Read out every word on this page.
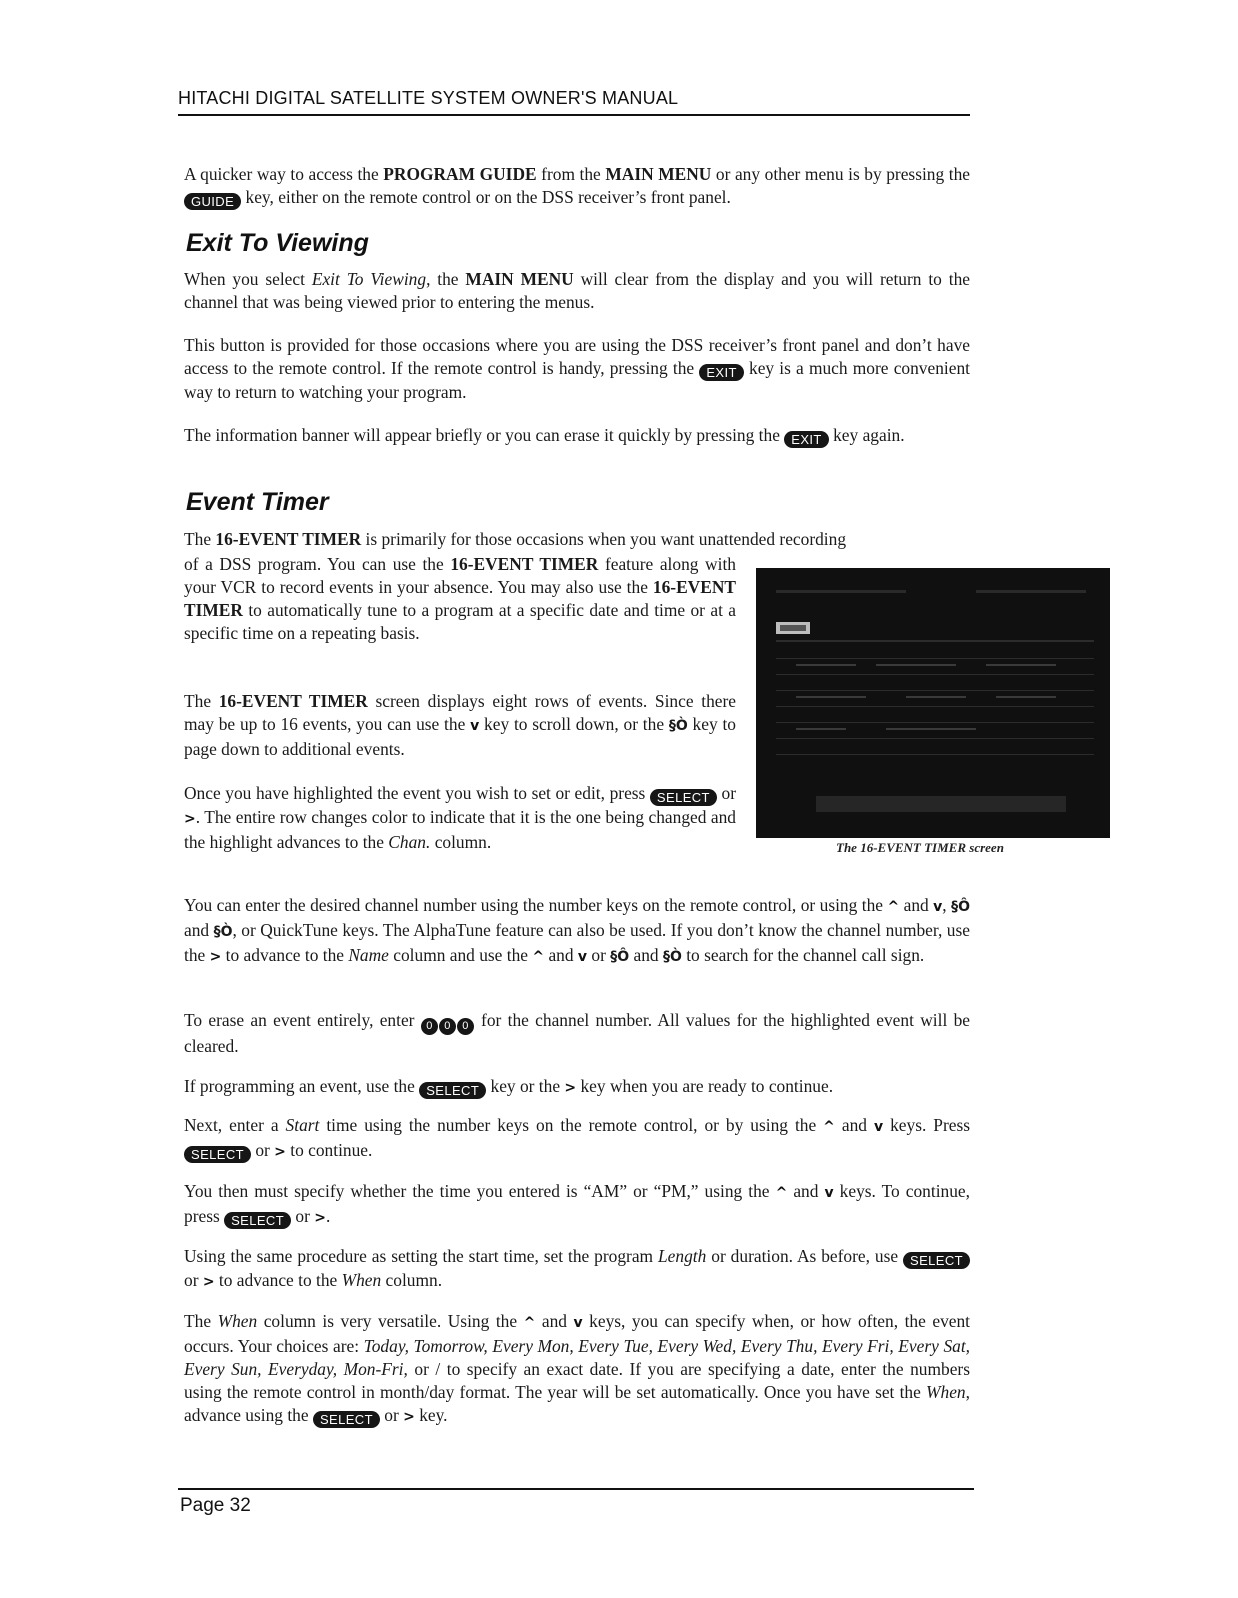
HITACHI DIGITAL SATELLITE SYSTEM OWNER'S MANUAL

A quicker way to access the PROGRAM GUIDE from the MAIN MENU or any other menu is by pressing the GUIDE key, either on the remote control or on the DSS receiver’s front panel.

Exit To Viewing

When you select Exit To Viewing, the MAIN MENU will clear from the display and you will return to the channel that was being viewed prior to entering the menus.

This button is provided for those occasions where you are using the DSS receiver’s front panel and don’t have access to the remote control. If the remote control is handy, pressing the EXIT key is a much more convenient way to return to watching your program.

The information banner will appear briefly or you can erase it quickly by pressing the EXIT key again.

Event Timer

The 16-EVENT TIMER is primarily for those occasions when you want unattended recording

of a DSS program. You can use the 16-EVENT TIMER feature along with your VCR to record events in your absence. You may also use the 16-EVENT TIMER to automatically tune to a program at a specific date and time or at a specific time on a repeating basis.

The 16-EVENT TIMER screen displays eight rows of events. Since there may be up to 16 events, you can use the v key to scroll down, or the §Ò key to page down to additional events.

Once you have highlighted the event you wish to set or edit, press SELECT or >. The entire row changes color to indicate that it is the one being changed and the highlight advances to the Chan. column.	The 16-EVENT TIMER screen

You can enter the desired channel number using the number keys on the remote control, or using the ^ and v, §Ô and §Ò, or QuickTune keys. The AlphaTune feature can also be used. If you don’t know the channel number, use the > to advance to the Name column and use the ^ and v or §Ô and §Ò to search for the channel call sign.

To erase an event entirely, enter 0 0 0 for the channel number. All values for the highlighted event will be cleared.

If programming an event, use the SELECT key or the > key when you are ready to continue.

Next, enter a Start time using the number keys on the remote control, or by using the ^ and v keys. Press SELECT or > to continue.

You then must specify whether the time you entered is “AM” or “PM,” using the ^ and v keys. To continue, press SELECT or >.

Using the same procedure as setting the start time, set the program Length or duration. As before, use SELECT or > to advance to the When column.

The When column is very versatile. Using the ^ and v keys, you can specify when, or how often, the event occurs. Your choices are: Today, Tomorrow, Every Mon, Every Tue, Every Wed, Every Thu, Every Fri, Every Sat, Every Sun, Everyday, Mon-Fri, or / to specify an exact date. If you are specifying a date, enter the numbers using the remote control in month/day format. The year will be set automatically. Once you have set the When, advance using the SELECT or > key.

Page 32
